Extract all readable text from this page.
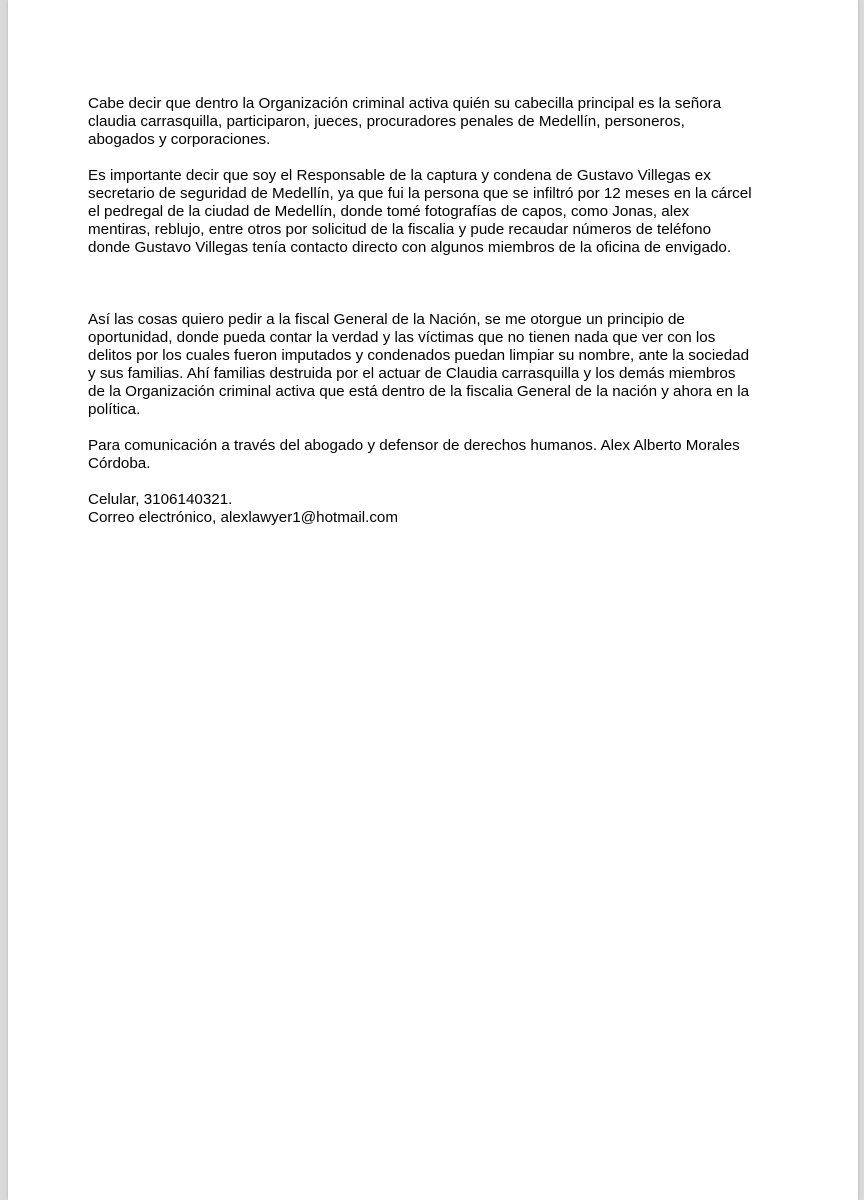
Cabe decir que dentro la Organización criminal activa quién su cabecilla principal es la señora
claudia carrasquilla, participaron, jueces, procuradores penales de Medellín, personeros,
abogados y corporaciones.

Es importante decir que soy el Responsable de la captura y condena de Gustavo Villegas ex
secretario de seguridad de Medellín, ya que fui la persona que se infiltró por 12 meses en la cárcel
el pedregal de la ciudad de Medellín, donde tomé fotografías de capos, como Jonas, alex
mentiras, reblujo, entre otros por solicitud de la fiscalia y pude recaudar números de teléfono
donde Gustavo Villegas tenía contacto directo con algunos miembros de la oficina de envigado.

Así las cosas quiero pedir a la fiscal General de la Nación, se me otorgue un principio de
oportunidad, donde pueda contar la verdad y las víctimas que no tienen nada que ver con los
delitos por los cuales fueron imputados y condenados puedan limpiar su nombre, ante la sociedad
y sus familias. Ahí familias destruida por el actuar de Claudia carrasquilla y los demás miembros
de la Organización criminal activa que está dentro de la fiscalia General de la nación y ahora en la
política.

Para comunicación a través del abogado y defensor de derechos humanos. Alex Alberto Morales
Córdoba.

Celular, 3106140321.
Correo electrónico, alexlawyer1@hotmail.com
